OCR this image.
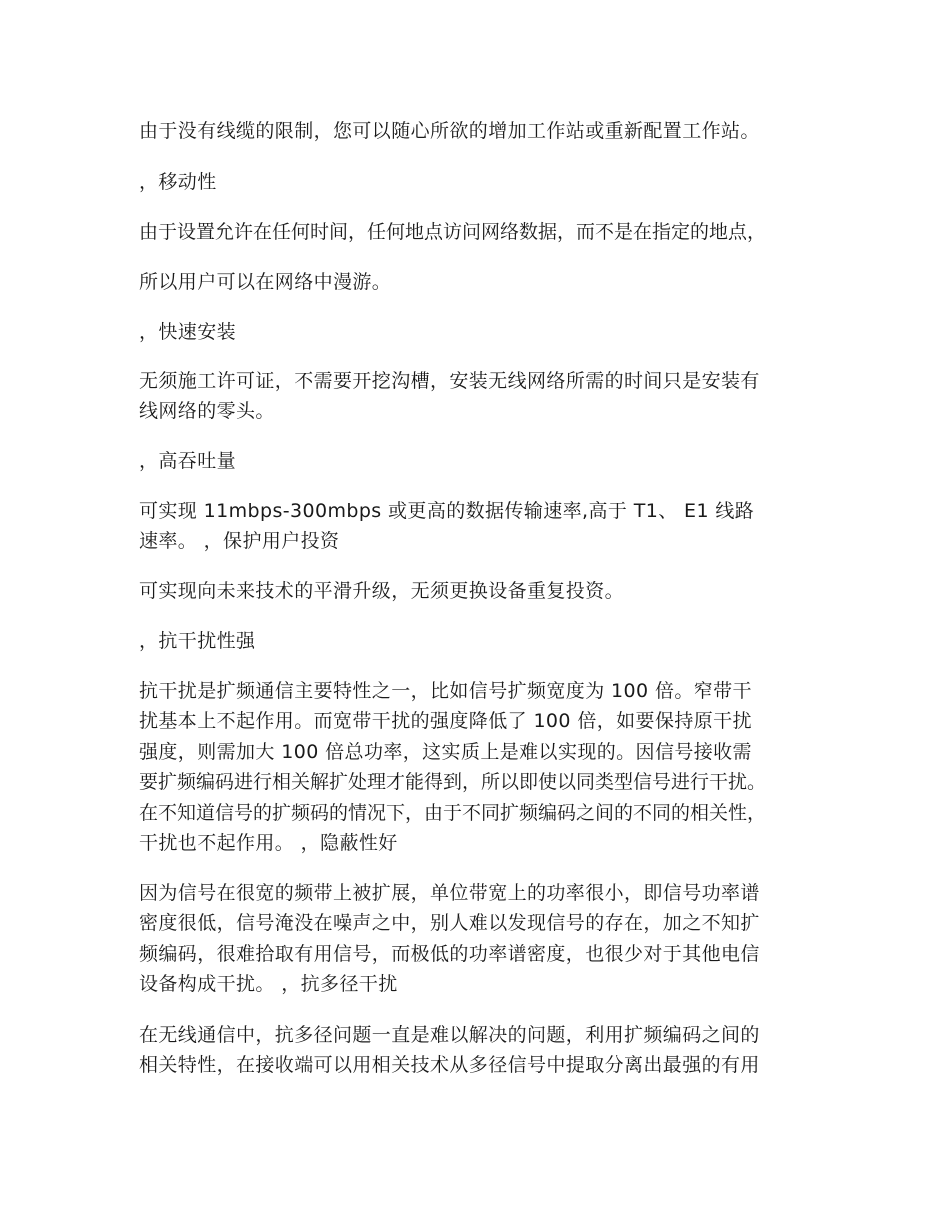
由于没有线缆的限制，您可以随心所欲的增加工作站或重新配置工作站。

，移动性

由于设置允许在任何时间，任何地点访问网络数据，而不是在指定的地点，

所以用户可以在网络中漫游。

，快速安装

无须施工许可证，不需要开挖沟槽，安装无线网络所需的时间只是安装有

线网络的零头。

，高吞吐量

可实现 11mbps-300mbps 或更高的数据传输速率,高于 T1、 E1 线路

速率。 ，保护用户投资

可实现向未来技术的平滑升级，无须更换设备重复投资。

，抗干扰性强

抗干扰是扩频通信主要特性之一，比如信号扩频宽度为 100 倍。窄带干

扰基本上不起作用。而宽带干扰的强度降低了 100 倍，如要保持原干扰

强度，则需加大 100 倍总功率，这实质上是难以实现的。因信号接收需

要扩频编码进行相关解扩处理才能得到，所以即使以同类型信号进行干扰。

在不知道信号的扩频码的情况下，由于不同扩频编码之间的不同的相关性，

干扰也不起作用。 ，隐蔽性好

因为信号在很宽的频带上被扩展，单位带宽上的功率很小，即信号功率谱

密度很低，信号淹没在噪声之中，别人难以发现信号的存在，加之不知扩

频编码，很难拾取有用信号，而极低的功率谱密度，也很少对于其他电信

设备构成干扰。 ，抗多径干扰

在无线通信中，抗多径问题一直是难以解决的问题，利用扩频编码之间的

相关特性，在接收端可以用相关技术从多径信号中提取分离出最强的有用
